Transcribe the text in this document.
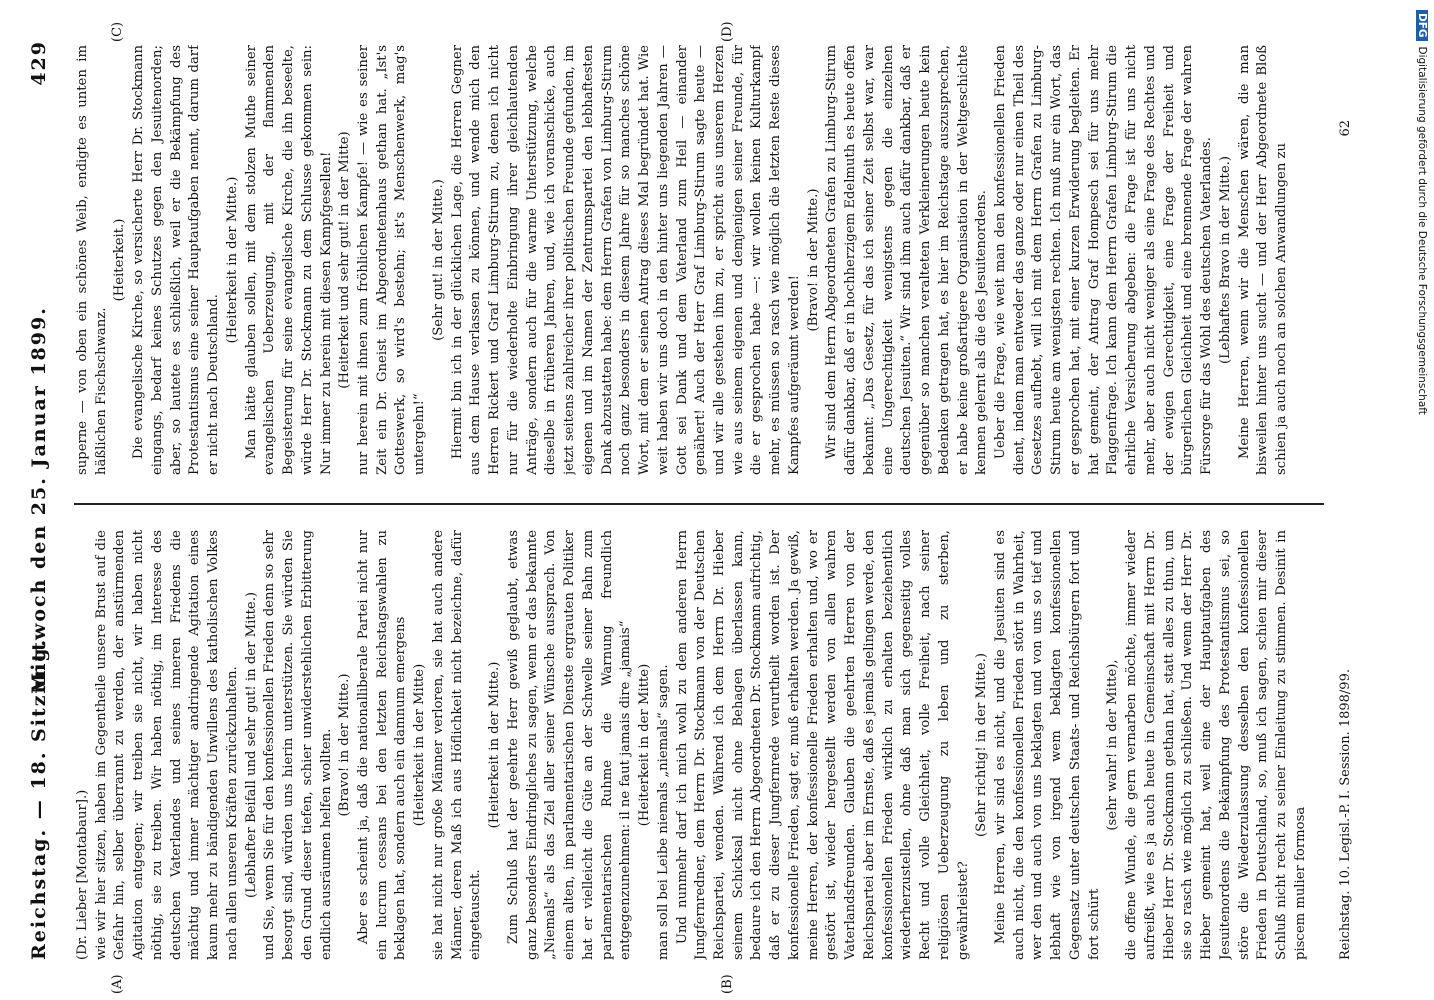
Reichstag. — 18. Sitzung.
Mittwoch den 25. Januar 1899.
429
(A)	(B)
(C)	(D)

(Dr. Lieber [Montabaur].) wie wir hier sitzen, haben im Gegentheile unsere Brust auf die Gefahr hin, selber überrannt zu werden, der anstürmenden Agitation entgegen; wir treiben sie nicht, wir haben nicht nöthig, sie zu treiben. Wir haben nöthig, im Interesse des deutschen Vaterlandes und seines inneren Friedens die mächtig und immer mächtiger andringende Agitation eines kaum mehr zu bändigenden Unwillens des katholischen Volkes nach allen unseren Kräften zurückzuhalten. (Lebhafter Beifall und sehr gut! in der Mitte.) und Sie, wenn Sie für den konfessionellen Frieden denn so sehr besorgt sind, würden uns hierin unterstützen. Sie würden Sie den Grund dieser tiefen, schier unwiderstehlichen Erbitterung endlich ausräumen helfen wollten. (Bravo! in der Mitte.) Aber es scheint ja, daß die nationalliberale Partei nicht nur ein lucrum cessans bei den letzten Reichstagswahlen zu beklagen hat, sondern auch ein damnum emergens (Heiterkeit in der Mitte) sie hat nicht nur große Männer verloren, sie hat auch andere Männer, deren Maß ich aus Höflichkeit nicht bezeichne, dafür eingetauscht.

(Heiterkeit in der Mitte.) Zum Schluß hat der geehrte Herr gewiß geglaubt, etwas ganz besonders Eindringliches zu sagen, wenn er das bekannte „Niemals“ als das Ziel aller seiner Wünsche aussprach. Von einem alten, im parlamentarischen Dienste ergrauten Politiker hat er vielleicht die Güte an der Schwelle seiner Bahn zum parlamentarischen Ruhme die Warnung freundlich entgegenzunehmen: il ne faut jamais dire „jamais“ (Heiterkeit in der Mitte) man soll bei Leibe niemals „niemals“ sagen. Und nunmehr darf ich mich wohl zu dem anderen Herrn Jungfernredner, dem Herrn Dr. Stockmann von der Deutschen Reichspartei, wenden. Während ich dem Herrn Dr. Hieber seinem Schicksal nicht ohne Behagen überlassen kann, bedaure ich den Herrn Abgeordneten Dr. Stockmann aufrichtig, daß er zu dieser Jungfernrede verurtheilt worden ist. Der konfessionelle Frieden, sagt er, muß erhalten werden. Ja gewiß, meine Herren, der konfessionelle Frieden erhalten und, wo er gestört ist, wieder hergestellt werden von allen wahren Vaterlandsfreunden. Glauben die geehrten Herren von der Reichspartei aber im Ernste, daß es jemals gelingen werde, den konfessionellen Frieden wirklich zu erhalten beziehentlich wiederherzustellen, ohne daß man sich gegenseitig volles Recht und volle Gleichheit, volle Freiheit, nach seiner religiösen Ueberzeugung zu leben und zu sterben, gewährleistet?

(Sehr richtig! in der Mitte.) Meine Herren, wir sind es nicht, und die Jesuiten sind es auch nicht, die den konfessionellen Frieden stört in Wahrheit, wer den und auch von uns beklagten und von uns so tief und lebhaft wie von irgend wem beklagten konfessionellen Gegensatz unter deutschen Staats- und Reichsbürgern fort und fort schürt

(sehr wahr! in der Mitte), die offene Wunde, die gern vernarben möchte, immer wieder aufreißt, wie es ja auch heute in Gemeinschaft mit Herrn Dr. Hieber Herr Dr. Stockmann gethan hat, statt alles zu thun, um sie so rasch wie möglich zu schließen. Und wenn der Herr Dr. Hieber gemeint hat, weil eine der Hauptaufgaben des Jesuitenordens die Bekämpfung des Protestantismus sei, so störe die Wiederzulassung desselben den konfessionellen Frieden in Deutschland, so, muß ich sagen, schien mir dieser Schluß nicht recht zu seiner Einleitung zu stimmen. Desinit in piscem mulier formosa

superne — von oben ein schönes Weib, endigte es unten im häßlichen Fischschwanz.

(Heiterkeit.) Die evangelische Kirche, so versicherte Herr Dr. Stockmann eingangs, bedarf keines Schutzes gegen den Jesuitenorden; aber, so lautete es schließlich, weil er die Bekämpfung des Protestantismus eine seiner Hauptaufgaben nennt, darum darf er nicht nach Deutschland.

(Heiterkeit in der Mitte.) Man hätte glauben sollen, mit dem stolzen Muthe seiner evangelischen Ueberzeugung, mit der flammenden Begeisterung für seine evangelische Kirche, die ihn beseelte, würde Herr Dr. Stockmann zu dem Schlusse gekommen sein: Nur immer zu herein mit diesen Kampfgesellen! (Heiterkeit und sehr gut! in der Mitte) nur herein mit ihnen zum fröhlichen Kampfe! — wie es seiner Zeit ein Dr. Gneist im Abgeordnetenhaus gethan hat. „Ist's Gotteswerk, so wird's bestehn; ist's Menschenwerk, mag's untergehn!“

(Sehr gut! in der Mitte.) Hiermit bin ich in der glücklichen Lage, die Herren Gegner aus dem Hause verlassen zu können, und wende mich den Herren Rickert und Graf Limburg-Stirum zu, denen ich nicht nur für die wiederholte Einbringung ihrer gleichlautenden Anträge, sondern auch für die warme Unterstützung, welche dieselbe in früheren Jahren, und, wie ich voranschicke, auch jetzt seitens zahlreicher ihrer politischen Freunde gefunden, im eigenen und im Namen der Zentrumspartei den lebhaftesten Dank abzustatten habe: dem Herrn Grafen von Limburg-Stirum noch ganz besonders in diesem Jahre für so manches schöne Wort, mit dem er seinen Antrag dieses Mal begründet hat. Wie weit haben wir uns doch in den hinter uns liegenden Jahren — Gott sei Dank und dem Vaterland zum Heil — einander genähert! Auch der Herr Graf Limburg-Stirum sagte heute — und wir alle gestehen ihm zu, er spricht aus unserem Herzen wie aus seinem eigenen und demjenigen seiner Freunde, für die er gesprochen habe —: wir wollen keinen Kulturkampf mehr, es müssen so rasch wie möglich die letzten Reste dieses Kampfes aufgeräumt werden!

(Bravo! in der Mitte.) Wir sind dem Herrn Abgeordneten Grafen zu Limburg-Stirum dafür dankbar, daß er in hochherzigem Edelmuth es heute offen bekannt: „Das Gesetz, für das ich seiner Zeit selbst war, war eine Ungerechtigkeit wenigstens gegen die einzelnen deutschen Jesuiten.“ Wir sind ihm auch dafür dankbar, daß er gegenüber so manchen veralteten Verkleinerungen heute kein Bedenken getragen hat, es hier im Reichstage auszusprechen, er habe keine großartigere Organisation in der Weltgeschichte kennen gelernt als die des Jesuitenordens. Ueber die Frage, wie weit man den konfessionellen Frieden dient, indem man entweder das ganze oder nur einen Theil des Gesetzes aufhebt, will ich mit dem Herrn Grafen zu Limburg-Stirum heute am wenigsten rechten. Ich muß nur ein Wort, das er gesprochen hat, mit einer kurzen Erwiderung begleiten. Er hat gemeint, der Antrag Graf Hompesch sei für uns mehr Flaggenfrage. Ich kann dem Herrn Grafen Limburg-Stirum die ehrliche Versicherung abgeben: die Frage ist für uns nicht mehr, aber auch nicht weniger als eine Frage des Rechtes und der ewigen Gerechtigkeit, eine Frage der Freiheit und bürgerlichen Gleichheit und eine brennende Frage der wahren Fürsorge für das Wohl des deutschen Vaterlandes. (Lebhaftes Bravo in der Mitte.) Meine Herren, wenn wir die Menschen wären, die man bisweilen hinter uns sucht — und der Herr Abgeordnete Bloß schien ja auch noch an solchen Anwandlungen zu

Reichstag. 10. Legisl.-P. I. Session. 1898/99.
62
DFGDigitalisierung gefördert durch die Deutsche Forschungsgemeinschaft
